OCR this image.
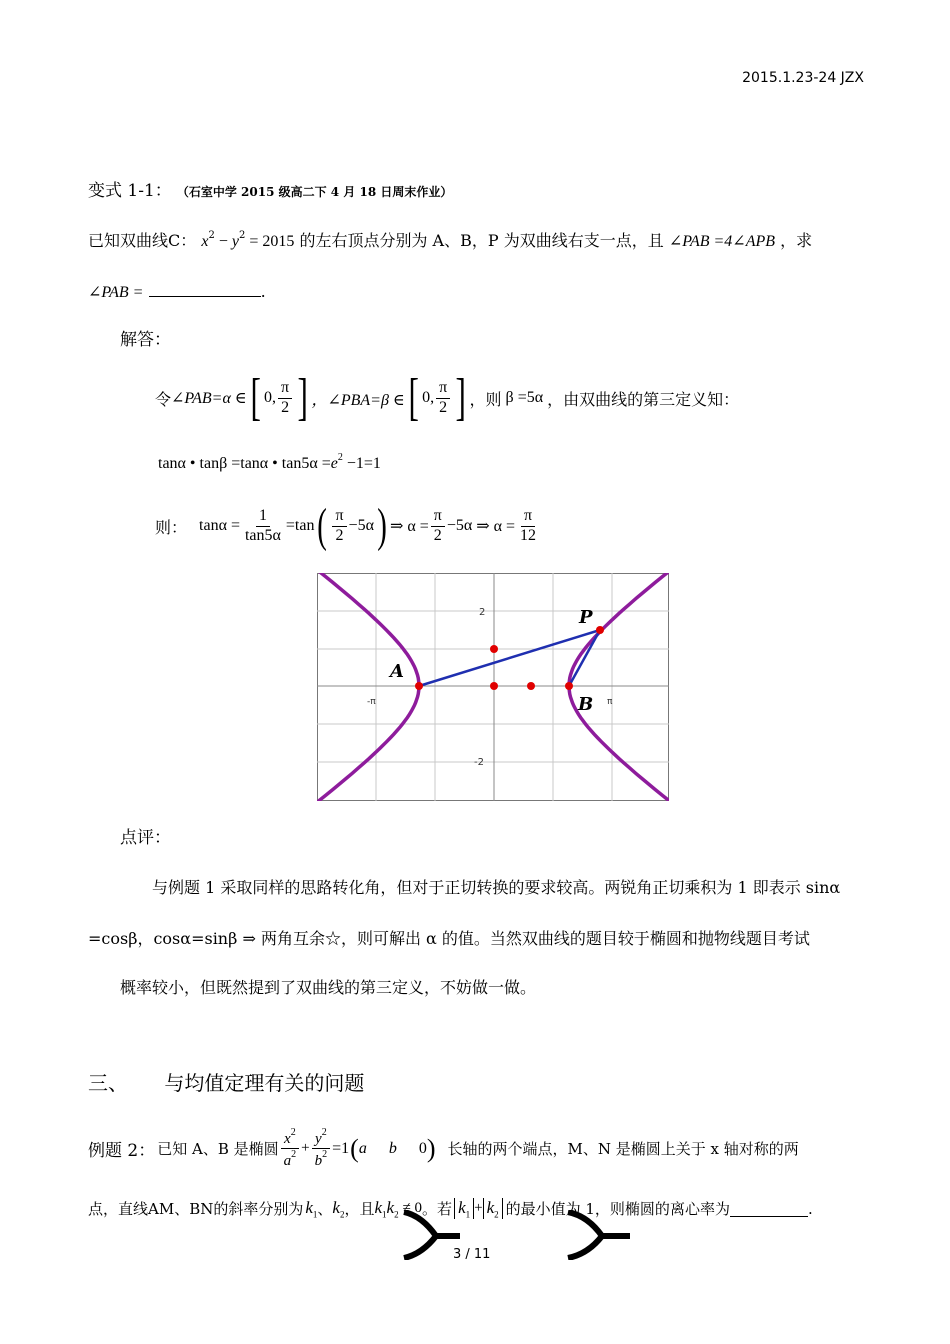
2015.1.23-24 JZX
变式 1-1： （石室中学 2015 级高二下 4 月 18 日周末作业）
已知双曲线C： $x^2 - y^2 = 2015$ 的左右顶点分别为 A、B，P 为双曲线右支一点，且 ∠PAB =4∠APB ，求
∠PAB =	.
解答：
令 ∠PAB=α ∈ [ 0, $\frac{\pi}{2}$ ] ，∠PBA=β ∈ [ 0, $\frac{\pi}{2}$ ] ，则 β =5α ，由双曲线的第三定义知：
tanα • tanβ =tanα • $\tan 5\alpha =e^2 -1=1$
则： $\tan\alpha = \frac{1}{\tan 5\alpha} =\tan$ ( $\frac{\pi}{2} -5\alpha$ ) ⇒ $\alpha = \frac{\pi}{2} -5\alpha$ ⇒ $\alpha = \frac{\pi}{12}$
2
-2
-π	π
A
B
P
点评：
与例题 1 采取同样的思路转化角，但对于正切转换的要求较高。两锐角正切乘积为 1 即表示 sinα
=cosβ，cosα=sinβ ⇒ 两角互余☆，则可解出 α 的值。当然双曲线的题目较于椭圆和抛物线题目考试
概率较小，但既然提到了双曲线的第三定义，不妨做一做。
三、 与均值定理有关的问题
例题 2： 已知 A、B 是椭圆 $\frac{x^2}{a^2} + \frac{y^2}{b^2} =1$ ( a b 0 ) 长轴的两个端点，M、N 是椭圆上关于 x 轴对称的两
点，直线AM、BN的斜率分别为 $k_1$ 、 $k_2$ ，且 $k_1k_2 \ne 0$ 。若 $k_1 + k_2$ 的最小值为 1，则椭圆的离心率为	.
3 / 11
